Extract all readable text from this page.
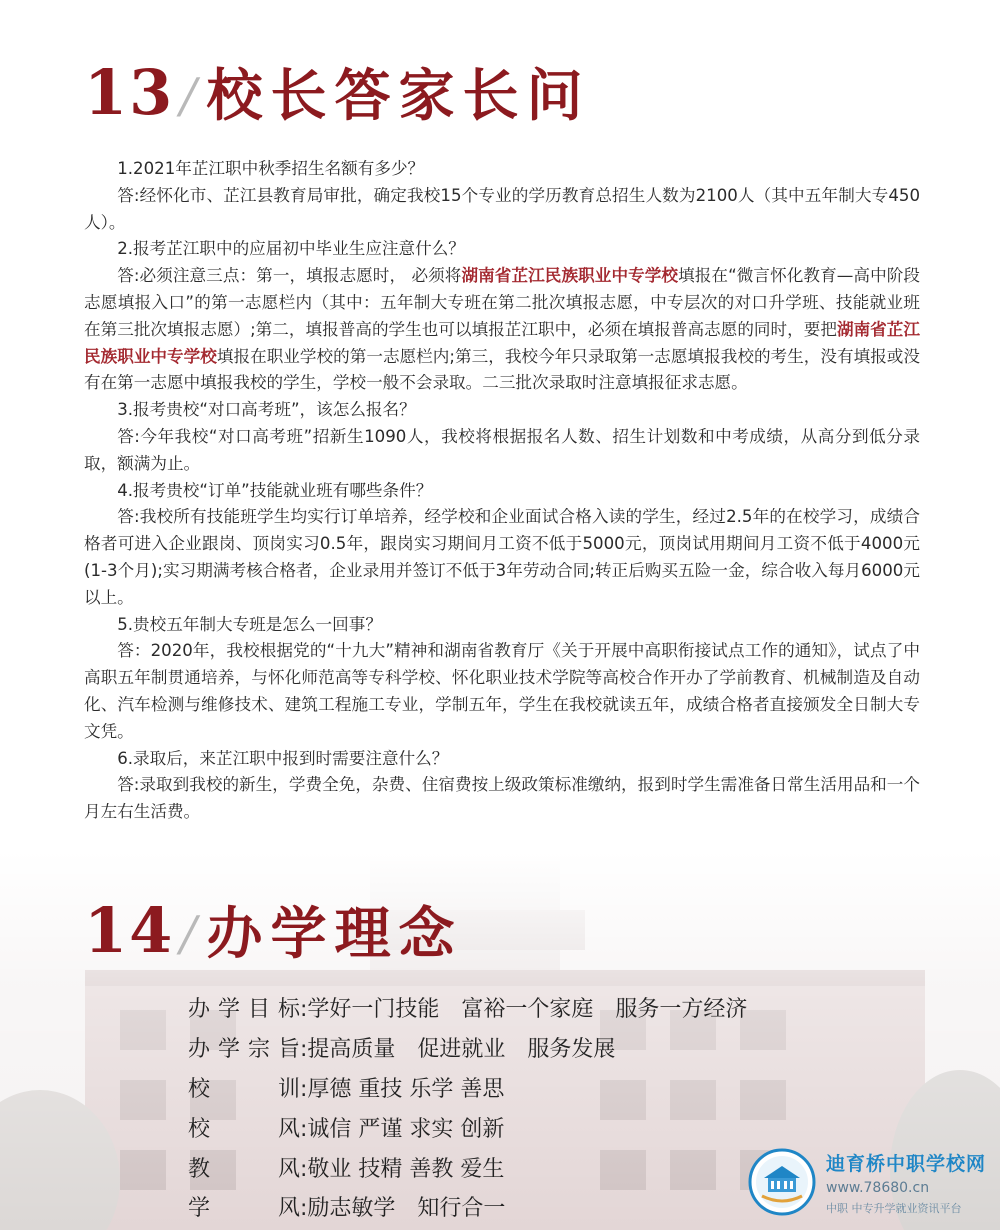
13 / 校长答家长问

1.2021年芷江职中秋季招生名额有多少？

答:经怀化市、芷江县教育局审批，确定我校15个专业的学历教育总招生人数为2100人（其中五年制大专450人）。

2.报考芷江职中的应届初中毕业生应注意什么？

答:必须注意三点：第一，填报志愿时， 必须将湖南省芷江民族职业中专学校填报在“微言怀化教育—高中阶段志愿填报入口”的第一志愿栏内（其中：五年制大专班在第二批次填报志愿，中专层次的对口升学班、技能就业班在第三批次填报志愿）;第二，填报普高的学生也可以填报芷江职中，必须在填报普高志愿的同时，要把湖南省芷江民族职业中专学校填报在职业学校的第一志愿栏内;第三，我校今年只录取第一志愿填报我校的考生，没有填报或没有在第一志愿中填报我校的学生，学校一般不会录取。二三批次录取时注意填报征求志愿。

3.报考贵校“对口高考班”，该怎么报名？

答:今年我校“对口高考班”招新生1090人，我校将根据报名人数、招生计划数和中考成绩，从高分到低分录取，额满为止。

4.报考贵校“订单”技能就业班有哪些条件？

答:我校所有技能班学生均实行订单培养，经学校和企业面试合格入读的学生，经过2.5年的在校学习，成绩合格者可进入企业跟岗、顶岗实习0.5年，跟岗实习期间月工资不低于5000元，顶岗试用期间月工资不低于4000元(1-3个月);实习期满考核合格者，企业录用并签订不低于3年劳动合同;转正后购买五险一金，综合收入每月6000元以上。

5.贵校五年制大专班是怎么一回事？

答：2020年，我校根据党的“十九大”精神和湖南省教育厅《关于开展中高职衔接试点工作的通知》，试点了中高职五年制贯通培养，与怀化师范高等专科学校、怀化职业技术学院等高校合作开办了学前教育、机械制造及自动化、汽车检测与维修技术、建筑工程施工专业，学制五年，学生在我校就读五年，成绩合格者直接颁发全日制大专文凭。

6.录取后，来芷江职中报到时需要注意什么？

答:录取到我校的新生，学费全免，杂费、住宿费按上级政策标准缴纳，报到时学生需准备日常生活用品和一个月左右生活费。

14 / 办学理念
办学目标 :学好一门技能　富裕一个家庭　服务一方经济
办学宗旨 :提高质量　促进就业　服务发展
校训 :厚德 重技 乐学 善思
校风 :诚信 严谨 求实 创新
教风 :敬业 技精 善教 爱生
学风 :励志敏学　知行合一
迪育桥中职学校网
www.78680.cn
中职 中专升学就业资讯平台
